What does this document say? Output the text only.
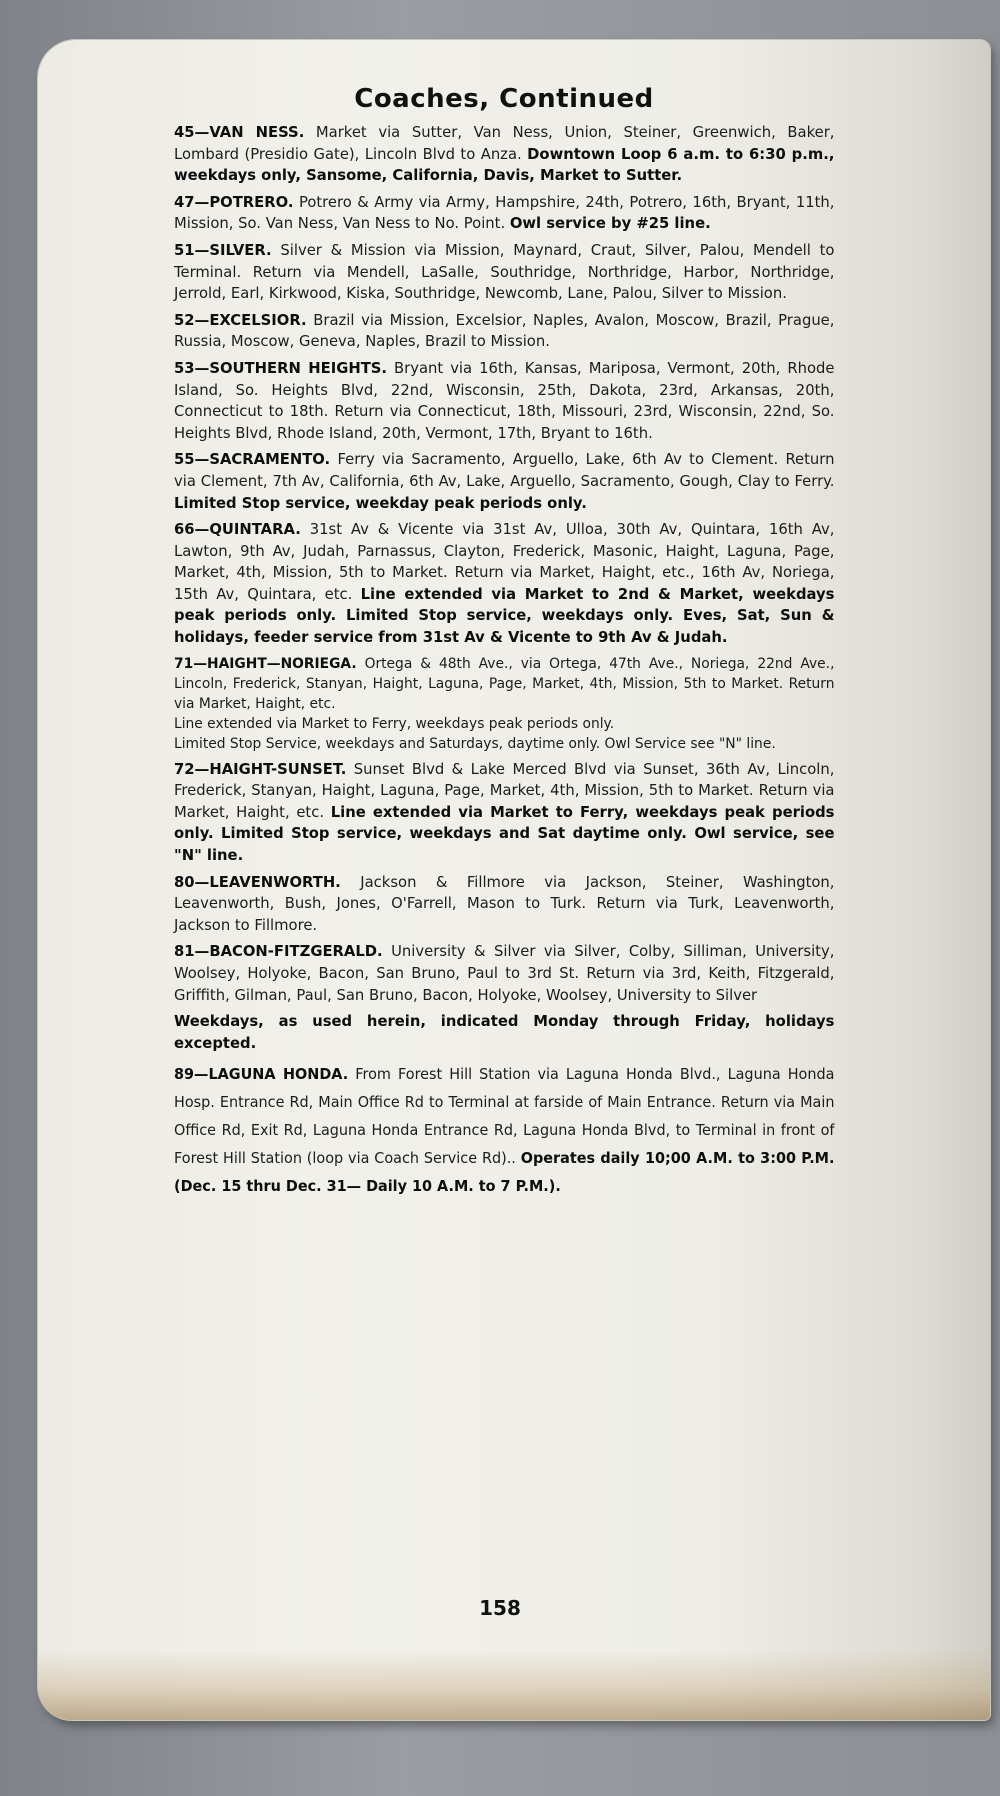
Coaches, Continued

45—VAN NESS. Market via Sutter, Van Ness, Union, Steiner, Greenwich, Baker, Lombard (Presidio Gate), Lincoln Blvd to Anza. Downtown Loop 6 a.m. to 6:30 p.m., weekdays only, Sansome, California, Davis, Market to Sutter.

47—POTRERO. Potrero & Army via Army, Hampshire, 24th, Potrero, 16th, Bryant, 11th, Mission, So. Van Ness, Van Ness to No. Point. Owl service by #25 line.

51—SILVER. Silver & Mission via Mission, Maynard, Craut, Silver, Palou, Mendell to Terminal. Return via Mendell, LaSalle, Southridge, Northridge, Harbor, Northridge, Jerrold, Earl, Kirkwood, Kiska, Southridge, Newcomb, Lane, Palou, Silver to Mission.

52—EXCELSIOR. Brazil via Mission, Excelsior, Naples, Avalon, Moscow, Brazil, Prague, Russia, Moscow, Geneva, Naples, Brazil to Mission.

53—SOUTHERN HEIGHTS. Bryant via 16th, Kansas, Mariposa, Vermont, 20th, Rhode Island, So. Heights Blvd, 22nd, Wisconsin, 25th, Dakota, 23rd, Arkansas, 20th, Connecticut to 18th. Return via Connecticut, 18th, Missouri, 23rd, Wisconsin, 22nd, So. Heights Blvd, Rhode Island, 20th, Vermont, 17th, Bryant to 16th.

55—SACRAMENTO. Ferry via Sacramento, Arguello, Lake, 6th Av to Clement. Return via Clement, 7th Av, California, 6th Av, Lake, Arguello, Sacramento, Gough, Clay to Ferry. Limited Stop service, weekday peak periods only.

66—QUINTARA. 31st Av & Vicente via 31st Av, Ulloa, 30th Av, Quintara, 16th Av, Lawton, 9th Av, Judah, Parnassus, Clayton, Frederick, Masonic, Haight, Laguna, Page, Market, 4th, Mission, 5th to Market. Return via Market, Haight, etc., 16th Av, Noriega, 15th Av, Quintara, etc. Line extended via Market to 2nd & Market, weekdays peak periods only. Limited Stop service, weekdays only. Eves, Sat, Sun & holidays, feeder service from 31st Av & Vicente to 9th Av & Judah.

71—HAIGHT—NORIEGA. Ortega & 48th Ave., via Ortega, 47th Ave., Noriega, 22nd Ave., Lincoln, Frederick, Stanyan, Haight, Laguna, Page, Market, 4th, Mission, 5th to Market. Return via Market, Haight, etc.
Line extended via Market to Ferry, weekdays peak periods only.
Limited Stop Service, weekdays and Saturdays, daytime only. Owl Service see "N" line.

72—HAIGHT-SUNSET. Sunset Blvd & Lake Merced Blvd via Sunset, 36th Av, Lincoln, Frederick, Stanyan, Haight, Laguna, Page, Market, 4th, Mission, 5th to Market. Return via Market, Haight, etc. Line extended via Market to Ferry, weekdays peak periods only. Limited Stop service, weekdays and Sat daytime only. Owl service, see "N" line.

80—LEAVENWORTH. Jackson & Fillmore via Jackson, Steiner, Washington, Leavenworth, Bush, Jones, O'Farrell, Mason to Turk. Return via Turk, Leavenworth, Jackson to Fillmore.

81—BACON-FITZGERALD. University & Silver via Silver, Colby, Silliman, University, Woolsey, Holyoke, Bacon, San Bruno, Paul to 3rd St. Return via 3rd, Keith, Fitzgerald, Griffith, Gilman, Paul, San Bruno, Bacon, Holyoke, Woolsey, University to Silver

Weekdays, as used herein, indicated Monday through Friday, holidays excepted.

89—LAGUNA HONDA. From Forest Hill Station via Laguna Honda Blvd., Laguna Honda Hosp. Entrance Rd, Main Office Rd to Terminal at farside of Main Entrance. Return via Main Office Rd, Exit Rd, Laguna Honda Entrance Rd, Laguna Honda Blvd, to Terminal in front of Forest Hill Station (loop via Coach Service Rd).. Operates daily 10;00 A.M. to 3:00 P.M. (Dec. 15 thru Dec. 31— Daily 10 A.M. to 7 P.M.).

158
